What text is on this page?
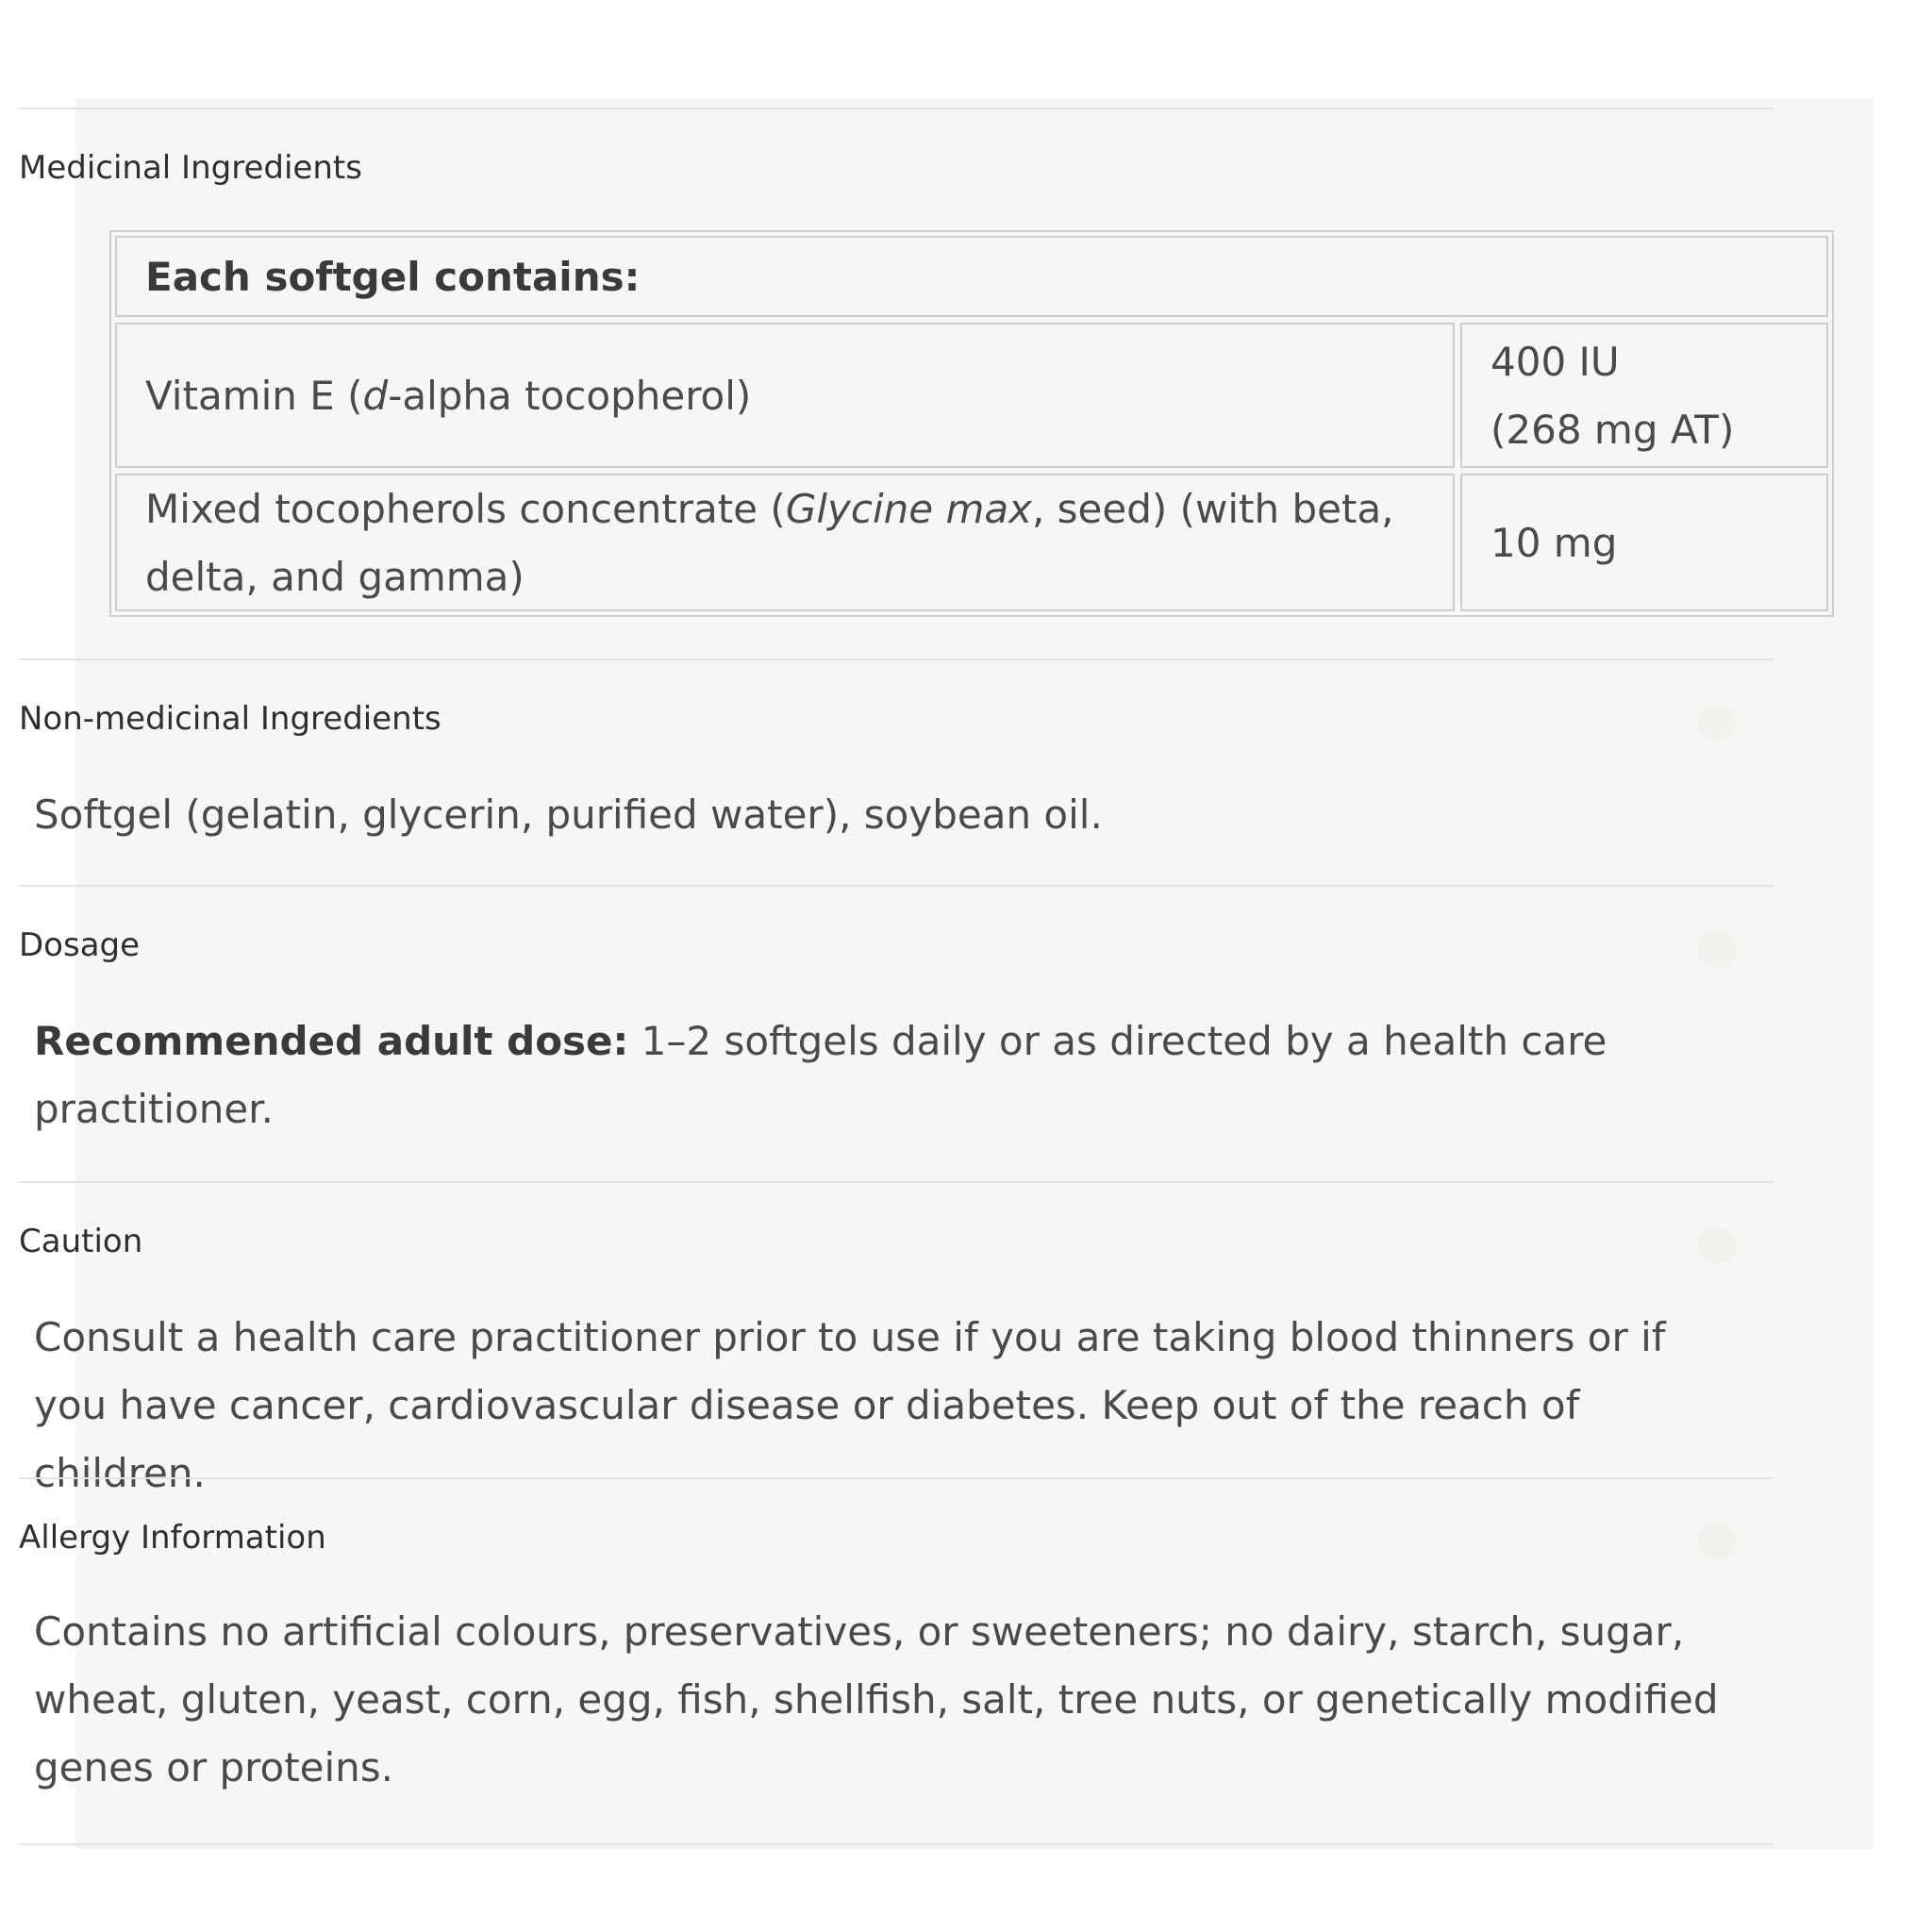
Medicinal Ingredients
Each softgel contains:
Vitamin E (d-alpha tocopherol)
400 IU
(268 mg AT)
Mixed tocopherols concentrate (Glycine max, seed) (with beta,
delta, and gamma)
10 mg
Non-medicinal Ingredients
Softgel (gelatin, glycerin, purified water), soybean oil.
Dosage
Recommended adult dose: 1–2 softgels daily or as directed by a health care practitioner.
Caution
Consult a health care practitioner prior to use if you are taking blood thinners or if you have cancer, cardiovascular disease or diabetes. Keep out of the reach of children.
Allergy Information
Contains no artificial colours, preservatives, or sweeteners; no dairy, starch, sugar, wheat, gluten, yeast, corn, egg, fish, shellfish, salt, tree nuts, or genetically modified genes or proteins.
